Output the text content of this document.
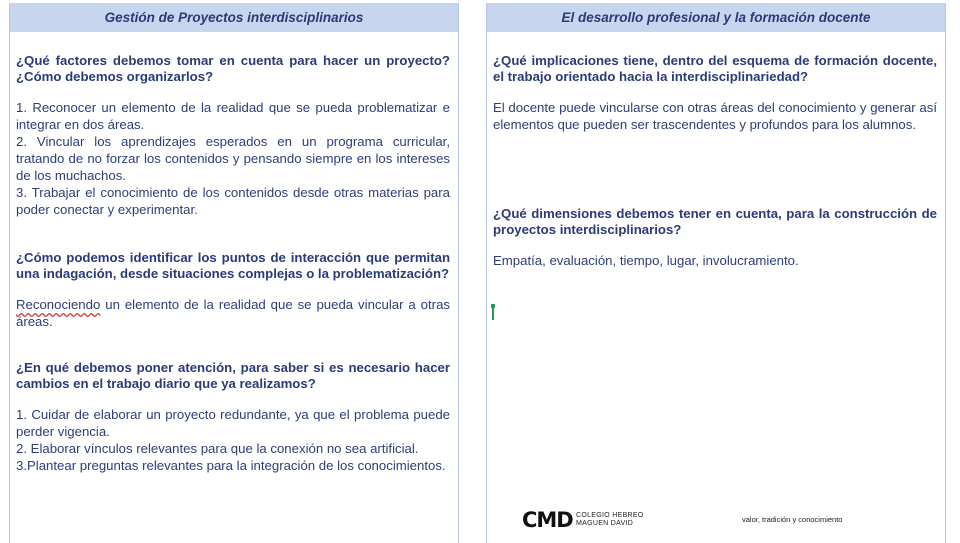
Gestión de Proyectos interdisciplinarios

¿Qué factores debemos tomar en cuenta para hacer un proyecto? ¿Cómo debemos organizarlos?

1. Reconocer un elemento de la realidad que se pueda problematizar e integrar en dos áreas.

2. Vincular los aprendizajes esperados en un programa curricular, tratando de no forzar los contenidos y pensando siempre en los intereses de los muchachos.

3. Trabajar el conocimiento de los contenidos desde otras materias para poder conectar y experimentar.

¿Cómo podemos identificar los puntos de interacción que permitan una indagación, desde situaciones complejas o la problematización?

Reconociendo un elemento de la realidad que se pueda vincular a otras áreas.

¿En qué debemos poner atención, para saber si es necesario hacer cambios en el trabajo diario que ya realizamos?

1. Cuidar de elaborar un proyecto redundante, ya que el problema puede perder vigencia.

2. Elaborar vínculos relevantes para que la conexión no sea artificial.

3.Plantear preguntas relevantes para la integración de los conocimientos.

El desarrollo profesional y la formación docente

¿Qué implicaciones tiene, dentro del esquema de formación docente, el trabajo orientado hacia la interdisciplinariedad?

El docente puede vincularse con otras áreas del conocimiento y generar así elementos que pueden ser trascendentes y profundos para los alumnos.

¿Qué dimensiones debemos tener en cuenta, para la construcción de proyectos interdisciplinarios?

Empatía, evaluación, tiempo, lugar, involucramiento.

CMD COLEGIO HEBREO
MAGUEN DAVID	valor, tradición y conocimiento
